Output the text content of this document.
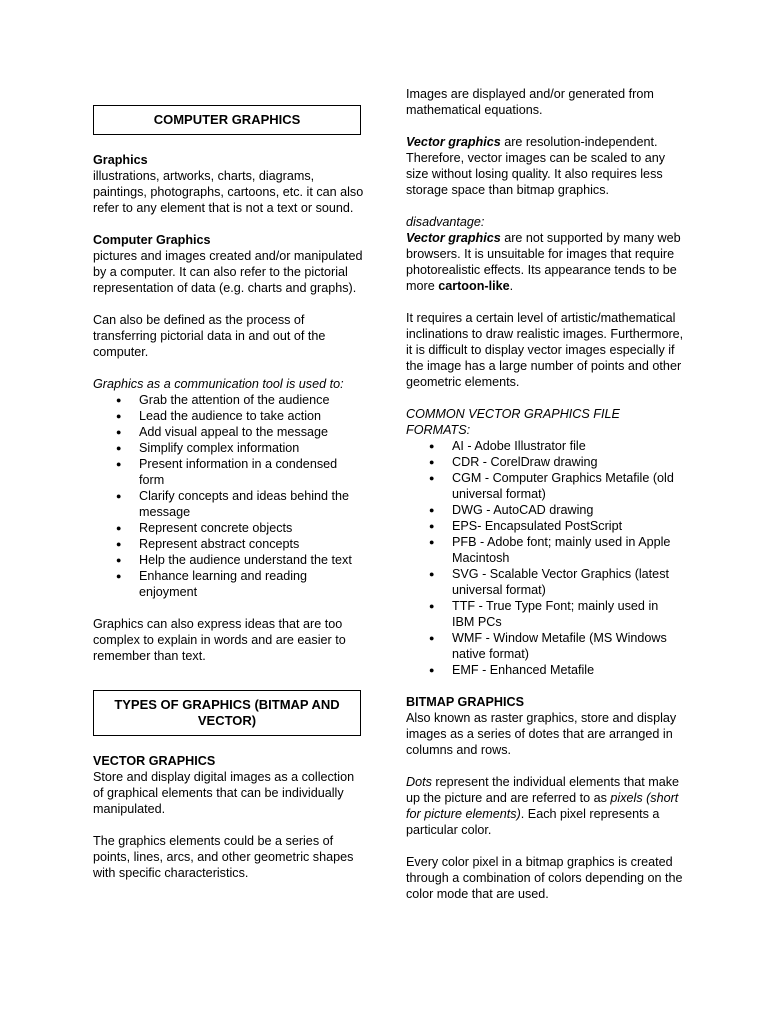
COMPUTER GRAPHICS

Graphics

illustrations, artworks, charts, diagrams, paintings, photographs, cartoons, etc. it can also refer to any element that is not a text or sound.

Computer Graphics

pictures and images created and/or manipulated by a computer. It can also refer to the pictorial representation of data (e.g. charts and graphs).

Can also be defined as the process of transferring pictorial data in and out of the computer.

Graphics as a communication tool is used to:

● Grab the attention of the audience
● Lead the audience to take action
● Add visual appeal to the message
● Simplify complex information
● Present information in a condensed form
● Clarify concepts and ideas behind the message
● Represent concrete objects
● Represent abstract concepts
● Help the audience understand the text
● Enhance learning and reading enjoyment

Graphics can also express ideas that are too complex to explain in words and are easier to remember than text.

TYPES OF GRAPHICS (BITMAP AND VECTOR)

VECTOR GRAPHICS

Store and display digital images as a collection of graphical elements that can be individually manipulated.

The graphics elements could be a series of points, lines, arcs, and other geometric shapes with specific characteristics.

Images are displayed and/or generated from mathematical equations.

Vector graphics are resolution-independent. Therefore, vector images can be scaled to any size without losing quality. It also requires less storage space than bitmap graphics.

disadvantage:

Vector graphics are not supported by many web browsers. It is unsuitable for images that require photorealistic effects. Its appearance tends to be more cartoon-like.

It requires a certain level of artistic/mathematical inclinations to draw realistic images. Furthermore, it is difficult to display vector images especially if the image has a large number of points and other geometric elements.

COMMON VECTOR GRAPHICS FILE FORMATS:

● AI - Adobe Illustrator file
● CDR - CorelDraw drawing
● CGM - Computer Graphics Metafile (old universal format)
● DWG - AutoCAD drawing
● EPS- Encapsulated PostScript
● PFB - Adobe font; mainly used in Apple Macintosh
● SVG - Scalable Vector Graphics (latest universal format)
● TTF - True Type Font; mainly used in IBM PCs
● WMF - Window Metafile (MS Windows native format)
● EMF - Enhanced Metafile

BITMAP GRAPHICS

Also known as raster graphics, store and display images as a series of dotes that are arranged in columns and rows.

Dots represent the individual elements that make up the picture and are referred to as pixels (short for picture elements). Each pixel represents a particular color.

Every color pixel in a bitmap graphics is created through a combination of colors depending on the color mode that are used.
